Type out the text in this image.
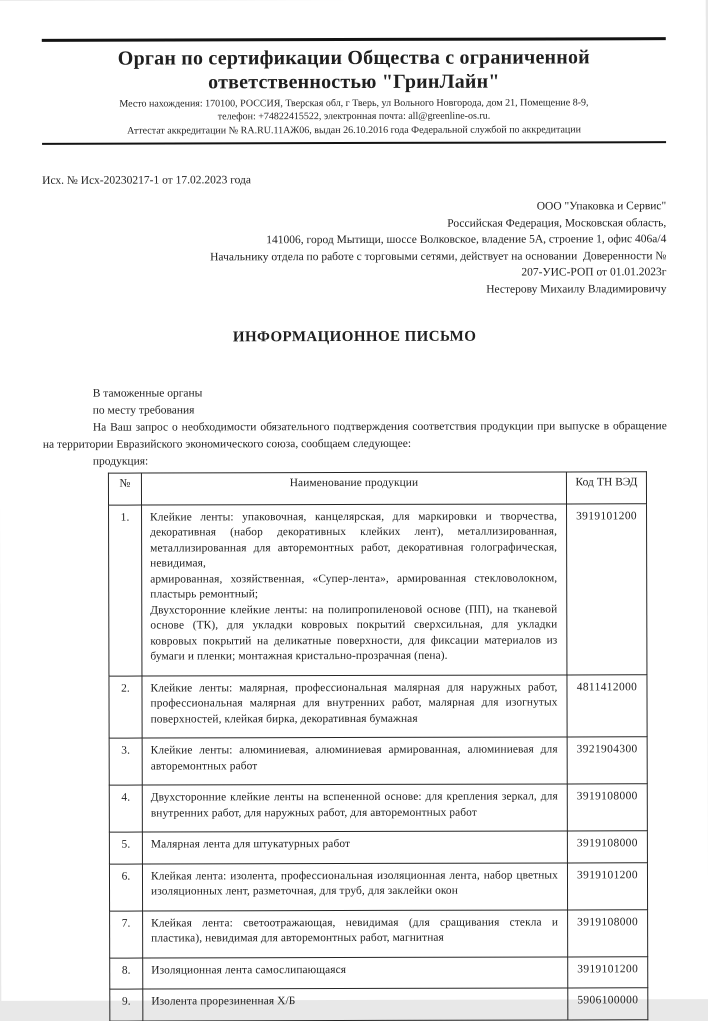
Орган по сертификации Общества с ограниченной
ответственностью "ГринЛайн"
Место нахождения: 170100, РОССИЯ, Тверская обл, г Тверь, ул Вольного Новгорода, дом 21, Помещение 8-9,
телефон: +74822415522, электронная почта: all@greenline-os.ru.
Аттестат аккредитации № RA.RU.11АЖ06, выдан 26.10.2016 года Федеральной службой по аккредитации
Исх. № Исх-20230217-1 от 17.02.2023 года
ООО "Упаковка и Сервис"
Российская Федерация, Московская область,
141006, город Мытищи, шоссе Волковское, владение 5А, строение 1, офис 406а/4
Начальнику отдела по работе с торговыми сетями, действует на основании  Доверенности №
207-УИС-РОП от 01.01.2023г
Нестерову Михаилу Владимировичу
ИНФОРМАЦИОННОЕ ПИСЬМО
В таможенные органы
по месту требования
На Ваш запрос о необходимости обязательного подтверждения соответствия продукции при выпуске в обращение на территории Евразийского экономического союза, сообщаем следующее:
продукция:
№	Наименование продукции	Код ТН ВЭД
1.	Клейкие ленты: упаковочная, канцелярская, для маркировки и творчества, декоративная (набор декоративных клейких лент), металлизированная, металлизированная для авторемонтных работ, декоративная голографическая, невидимая,
армированная, хозяйственная, «Супер-лента», армированная стекловолокном, пластырь ремонтный;
Двухсторонние клейкие ленты: на полипропиленовой основе (ПП), на тканевой основе (ТК), для укладки ковровых покрытий сверхсильная, для укладки ковровых покрытий на деликатные поверхности, для фиксации материалов из бумаги и пленки; монтажная кристально-прозрачная (пена).	3919101200
2.	Клейкие ленты: малярная, профессиональная малярная для наружных работ, профессиональная малярная для внутренних работ, малярная для изогнутых поверхностей, клейкая бирка, декоративная бумажная	4811412000
3.	Клейкие ленты: алюминиевая, алюминиевая армированная, алюминиевая для авторемонтных работ	3921904300
4.	Двухсторонние клейкие ленты на вспененной основе: для крепления зеркал, для внутренних работ, для наружных работ, для авторемонтных работ	3919108000
5.	Малярная лента для штукатурных работ	3919108000
6.	Клейкая лента: изолента, профессиональная изоляционная лента, набор цветных изоляционных лент, разметочная, для труб, для заклейки окон	3919101200
7.	Клейкая лента: светоотражающая, невидимая (для сращивания стекла и пластика), невидимая для авторемонтных работ, магнитная	3919108000
8.	Изоляционная лента самослипающаяся	3919101200
9.	Изолента прорезиненная Х/Б	5906100000
